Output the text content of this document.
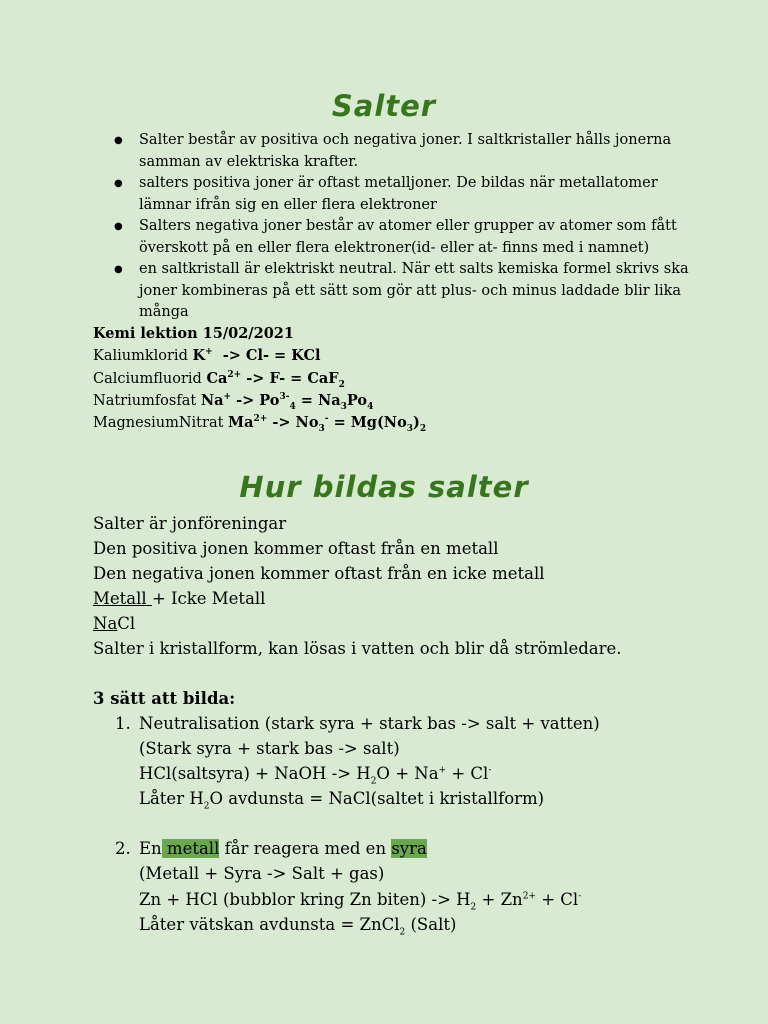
Salter
● Salter består av positiva och negativa joner. I saltkristaller hålls jonerna samman av elektriska krafter.
● salters positiva joner är oftast metalljoner. De bildas när metallatomer lämnar ifrån sig en eller flera elektroner
● Salters negativa joner består av atomer eller grupper av atomer som fått överskott på en eller flera elektroner(id- eller at- finns med i namnet)
● en saltkristall är elektriskt neutral. När ett salts kemiska formel skrivs ska joner kombineras på ett sätt som gör att plus- och minus laddade blir lika många
Kemi lektion 15/02/2021
Kaliumklorid K+  -> Cl- = KCl
Calciumfluorid $Ca^{2+} -> F- = CaF_2$
Natriumfosfat $Na^+ -> Po^{3-}_4 = Na_3Po_4$
MagnesiumNitrat $Ma^{2+} -> No_3^- = Mg(No_3)_2$
Hur bildas salter
Salter är jonföreningar
Den positiva jonen kommer oftast från en metall
Den negativa jonen kommer oftast från en icke metall
Metall + Icke Metall
NaCl
Salter i kristallform, kan lösas i vatten och blir då strömledare.
3 sätt att bilda:
1. Neutralisation (stark syra + stark bas -> salt + vatten)
(Stark syra + stark bas -> salt)
HCl(saltsyra) + NaOH -> $H_2O + Na^+ + Cl^-$
Låter $H_2O$ avdunsta = NaCl(saltet i kristallform)
2. En metall får reagera med en syra
(Metall + Syra -> Salt + gas)
Zn + HCl (bubblor kring Zn biten) -> $H_2 + Zn^{2+} + Cl^-$
Låter vätskan avdunsta = ZnCl$_2$ (Salt)
